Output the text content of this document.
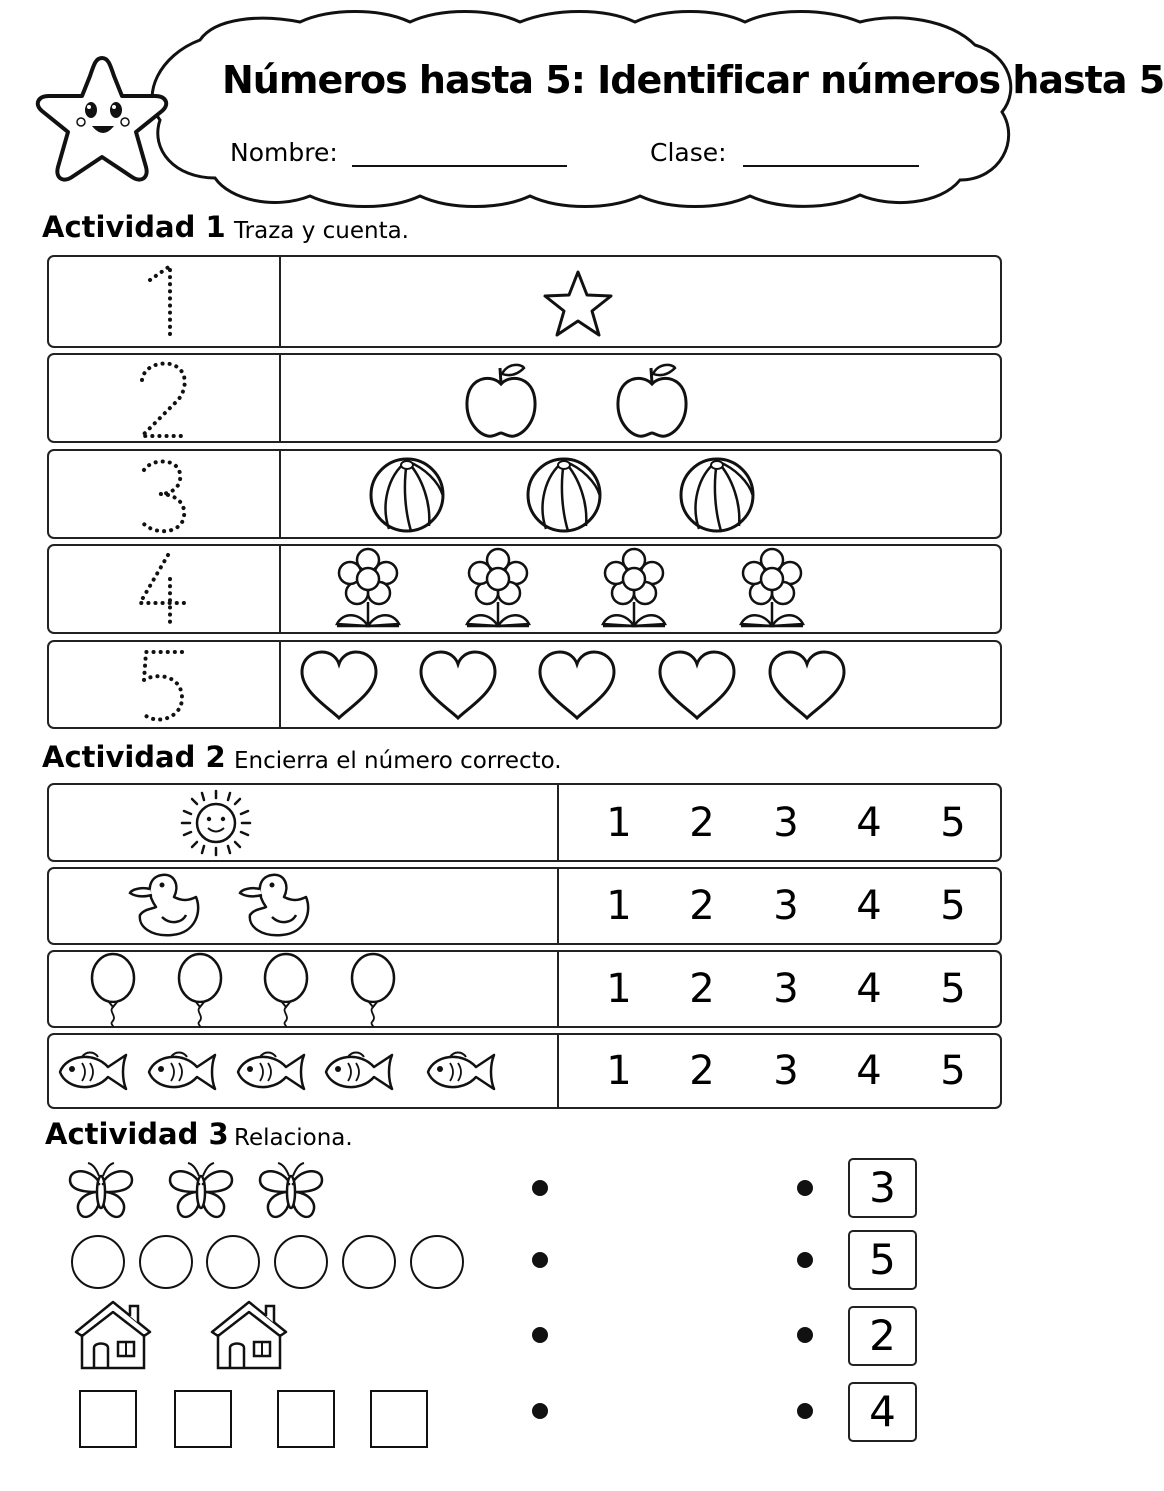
Números hasta 5: Identificar números hasta 5
Nombre:	Clase:
Actividad 1 Traza y cuenta.
Actividad 2 Encierra el número correcto.
1 2 3 4 5
1 2 3 4 5
1 2 3 4 5
1 2 3 4 5
Actividad 3 Relaciona.
3
5
2
4
